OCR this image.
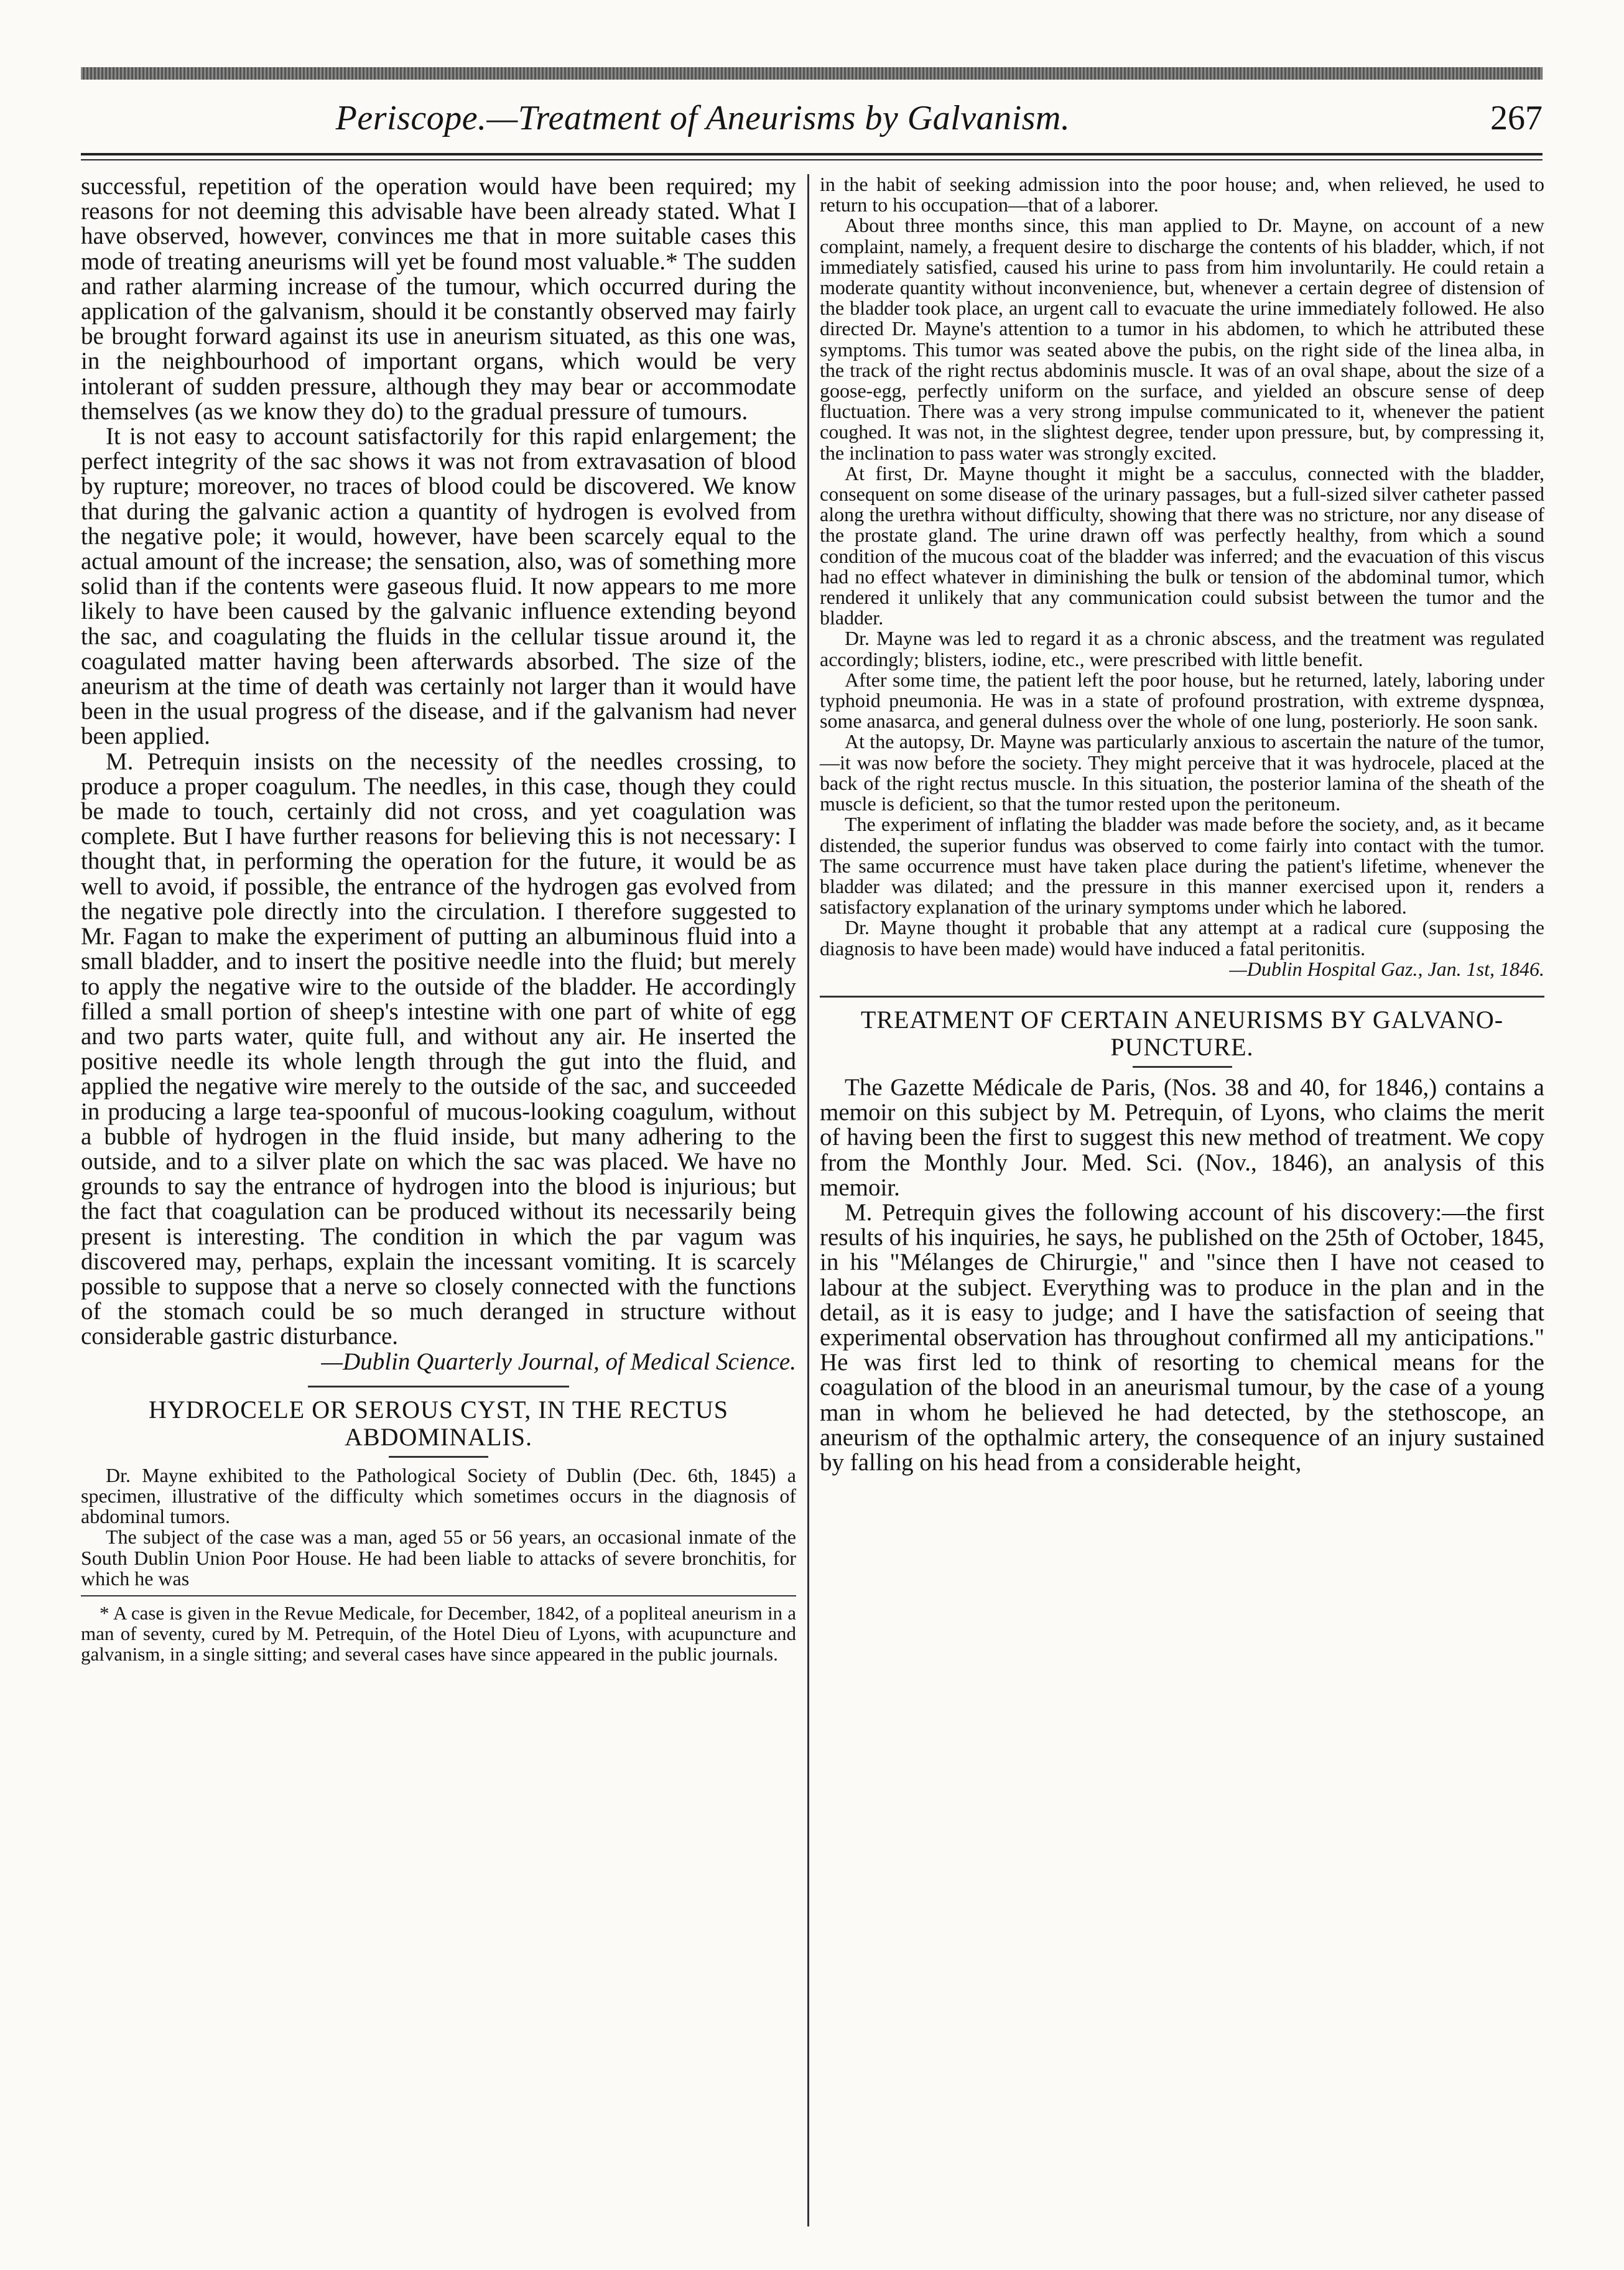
Periscope.—Treatment of Aneurisms by Galvanism.	267

successful, repetition of the operation would have been required; my reasons for not deeming this advisable have been already stated. What I have observed, however, convinces me that in more suitable cases this mode of treating aneurisms will yet be found most valuable.* The sudden and rather alarming increase of the tumour, which occurred during the application of the galvanism, should it be constantly observed may fairly be brought forward against its use in aneurism situated, as this one was, in the neighbourhood of important organs, which would be very intolerant of sudden pressure, although they may bear or accommodate themselves (as we know they do) to the gradual pressure of tumours.

It is not easy to account satisfactorily for this rapid enlargement; the perfect integrity of the sac shows it was not from extravasation of blood by rupture; moreover, no traces of blood could be discovered. We know that during the galvanic action a quantity of hydrogen is evolved from the negative pole; it would, however, have been scarcely equal to the actual amount of the increase; the sensation, also, was of something more solid than if the contents were gaseous fluid. It now appears to me more likely to have been caused by the galvanic influence extending beyond the sac, and coagulating the fluids in the cellular tissue around it, the coagulated matter having been afterwards absorbed. The size of the aneurism at the time of death was certainly not larger than it would have been in the usual progress of the disease, and if the galvanism had never been applied.

M. Petrequin insists on the necessity of the needles crossing, to produce a proper coagulum. The needles, in this case, though they could be made to touch, certainly did not cross, and yet coagulation was complete. But I have further reasons for believing this is not necessary: I thought that, in performing the operation for the future, it would be as well to avoid, if possible, the entrance of the hydrogen gas evolved from the negative pole directly into the circulation. I therefore suggested to Mr. Fagan to make the experiment of putting an albuminous fluid into a small bladder, and to insert the positive needle into the fluid; but merely to apply the negative wire to the outside of the bladder. He accordingly filled a small portion of sheep's intestine with one part of white of egg and two parts water, quite full, and without any air. He inserted the positive needle its whole length through the gut into the fluid, and applied the negative wire merely to the outside of the sac, and succeeded in producing a large tea-spoonful of mucous-looking coagulum, without a bubble of hydrogen in the fluid inside, but many adhering to the outside, and to a silver plate on which the sac was placed. We have no grounds to say the entrance of hydrogen into the blood is injurious; but the fact that coagulation can be produced without its necessarily being present is interesting. The condition in which the par vagum was discovered may, perhaps, explain the incessant vomiting. It is scarcely possible to suppose that a nerve so closely connected with the functions of the stomach could be so much deranged in structure without considerable gastric disturbance.

—Dublin Quarterly Journal, of Medical Science.

HYDROCELE OR SEROUS CYST, IN THE RECTUS ABDOMINALIS.

Dr. Mayne exhibited to the Pathological Society of Dublin (Dec. 6th, 1845) a specimen, illustrative of the difficulty which sometimes occurs in the diagnosis of abdominal tumors.

The subject of the case was a man, aged 55 or 56 years, an occasional inmate of the South Dublin Union Poor House. He had been liable to attacks of severe bronchitis, for which he was

* A case is given in the Revue Medicale, for December, 1842, of a popliteal aneurism in a man of seventy, cured by M. Petrequin, of the Hotel Dieu of Lyons, with acupuncture and galvanism, in a single sitting; and several cases have since appeared in the public journals.

in the habit of seeking admission into the poor house; and, when relieved, he used to return to his occupation—that of a laborer.

About three months since, this man applied to Dr. Mayne, on account of a new complaint, namely, a frequent desire to discharge the contents of his bladder, which, if not immediately satisfied, caused his urine to pass from him involuntarily. He could retain a moderate quantity without inconvenience, but, whenever a certain degree of distension of the bladder took place, an urgent call to evacuate the urine immediately followed. He also directed Dr. Mayne's attention to a tumor in his abdomen, to which he attributed these symptoms. This tumor was seated above the pubis, on the right side of the linea alba, in the track of the right rectus abdominis muscle. It was of an oval shape, about the size of a goose-egg, perfectly uniform on the surface, and yielded an obscure sense of deep fluctuation. There was a very strong impulse communicated to it, whenever the patient coughed. It was not, in the slightest degree, tender upon pressure, but, by compressing it, the inclination to pass water was strongly excited.

At first, Dr. Mayne thought it might be a sacculus, connected with the bladder, consequent on some disease of the urinary passages, but a full-sized silver catheter passed along the urethra without difficulty, showing that there was no stricture, nor any disease of the prostate gland. The urine drawn off was perfectly healthy, from which a sound condition of the mucous coat of the bladder was inferred; and the evacuation of this viscus had no effect whatever in diminishing the bulk or tension of the abdominal tumor, which rendered it unlikely that any communication could subsist between the tumor and the bladder.

Dr. Mayne was led to regard it as a chronic abscess, and the treatment was regulated accordingly; blisters, iodine, etc., were prescribed with little benefit.

After some time, the patient left the poor house, but he returned, lately, laboring under typhoid pneumonia. He was in a state of profound prostration, with extreme dyspnœa, some anasarca, and general dulness over the whole of one lung, posteriorly. He soon sank.

At the autopsy, Dr. Mayne was particularly anxious to ascertain the nature of the tumor,—it was now before the society. They might perceive that it was hydrocele, placed at the back of the right rectus muscle. In this situation, the posterior lamina of the sheath of the muscle is deficient, so that the tumor rested upon the peritoneum.

The experiment of inflating the bladder was made before the society, and, as it became distended, the superior fundus was observed to come fairly into contact with the tumor. The same occurrence must have taken place during the patient's lifetime, whenever the bladder was dilated; and the pressure in this manner exercised upon it, renders a satisfactory explanation of the urinary symptoms under which he labored.

Dr. Mayne thought it probable that any attempt at a radical cure (supposing the diagnosis to have been made) would have induced a fatal peritonitis.

—Dublin Hospital Gaz., Jan. 1st, 1846.

TREATMENT OF CERTAIN ANEURISMS BY GALVANO-PUNCTURE.

The Gazette Médicale de Paris, (Nos. 38 and 40, for 1846,) contains a memoir on this subject by M. Petrequin, of Lyons, who claims the merit of having been the first to suggest this new method of treatment. We copy from the Monthly Jour. Med. Sci. (Nov., 1846), an analysis of this memoir.

M. Petrequin gives the following account of his discovery:—the first results of his inquiries, he says, he published on the 25th of October, 1845, in his "Mélanges de Chirurgie," and "since then I have not ceased to labour at the subject. Everything was to produce in the plan and in the detail, as it is easy to judge; and I have the satisfaction of seeing that experimental observation has throughout confirmed all my anticipations." He was first led to think of resorting to chemical means for the coagulation of the blood in an aneurismal tumour, by the case of a young man in whom he believed he had detected, by the stethoscope, an aneurism of the opthalmic artery, the consequence of an injury sustained by falling on his head from a considerable height,
